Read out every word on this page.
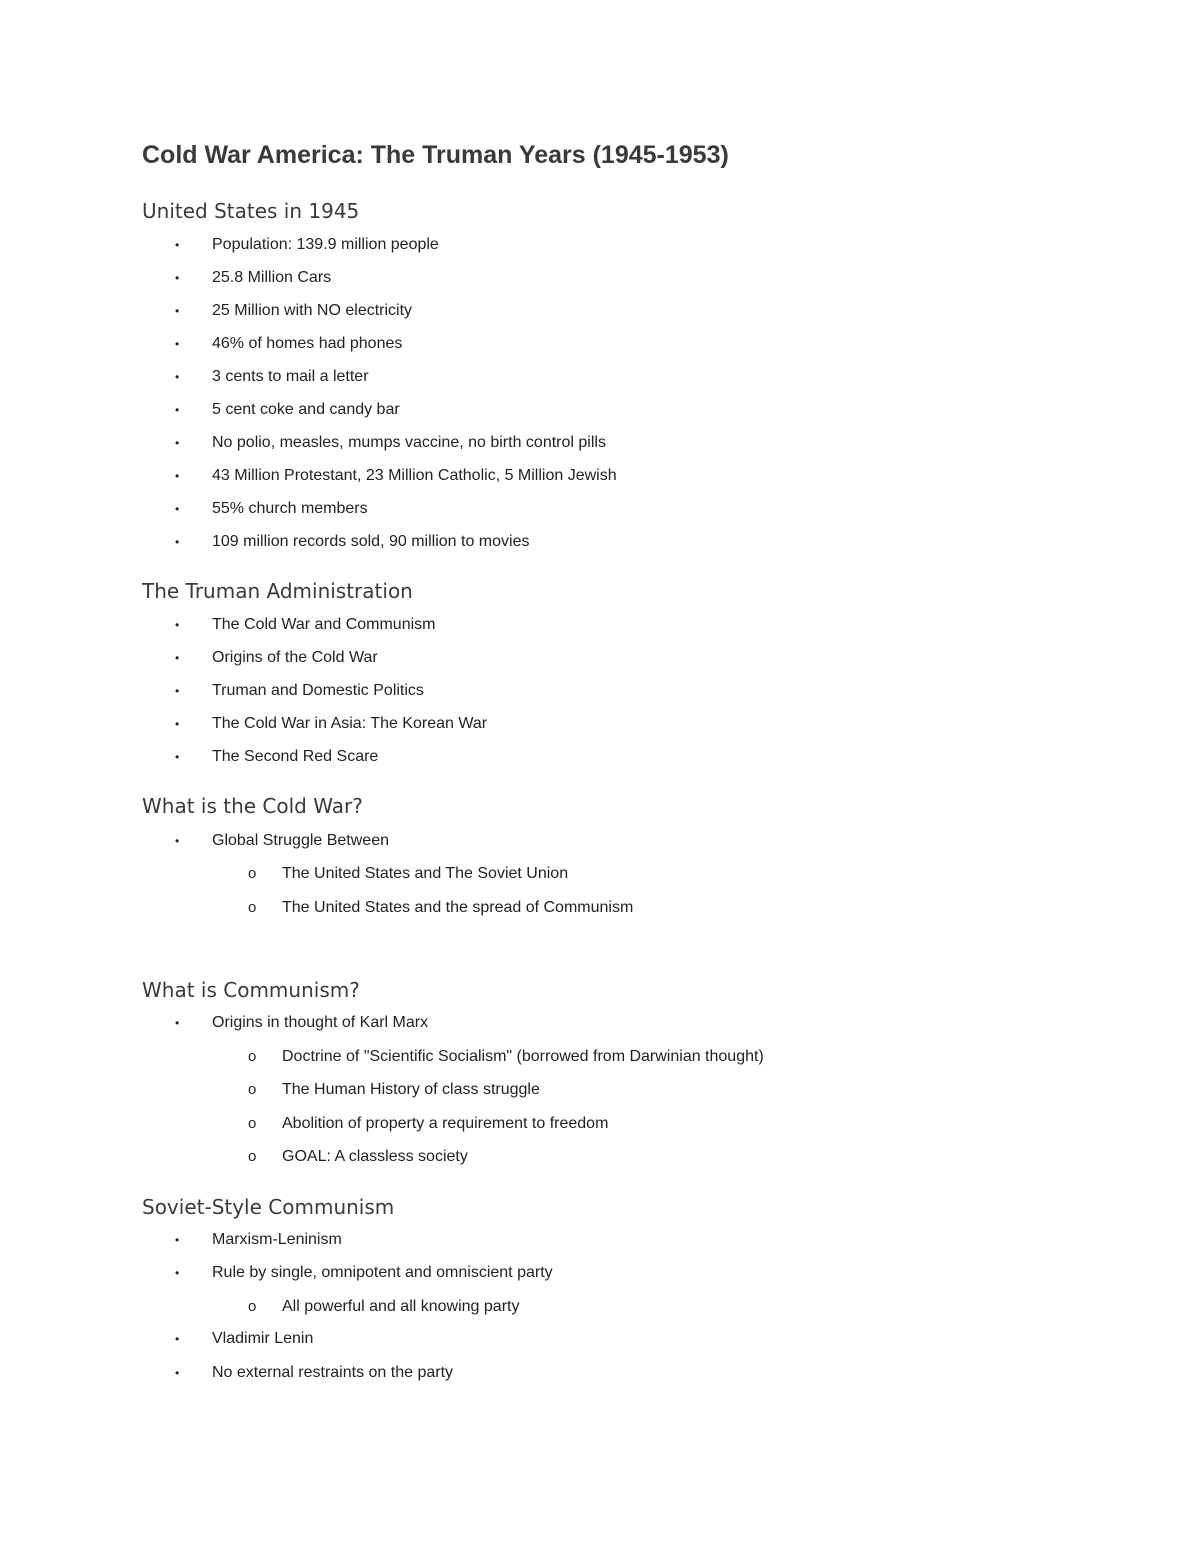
Cold War America: The Truman Years (1945-1953)
United States in 1945
• Population: 139.9 million people
• 25.8 Million Cars
• 25 Million with NO electricity
• 46% of homes had phones
• 3 cents to mail a letter
• 5 cent coke and candy bar
• No polio, measles, mumps vaccine, no birth control pills
• 43 Million Protestant, 23 Million Catholic, 5 Million Jewish
• 55% church members
• 109 million records sold, 90 million to movies
The Truman Administration
• The Cold War and Communism
• Origins of the Cold War
• Truman and Domestic Politics
• The Cold War in Asia: The Korean War
• The Second Red Scare
What is the Cold War?
• Global Struggle Between
o The United States and The Soviet Union
o The United States and the spread of Communism
What is Communism?
• Origins in thought of Karl Marx
o Doctrine of "Scientific Socialism" (borrowed from Darwinian thought)
o The Human History of class struggle
o Abolition of property a requirement to freedom
o GOAL: A classless society
Soviet-Style Communism
• Marxism-Leninism
• Rule by single, omnipotent and omniscient party
o All powerful and all knowing party
• Vladimir Lenin
• No external restraints on the party
